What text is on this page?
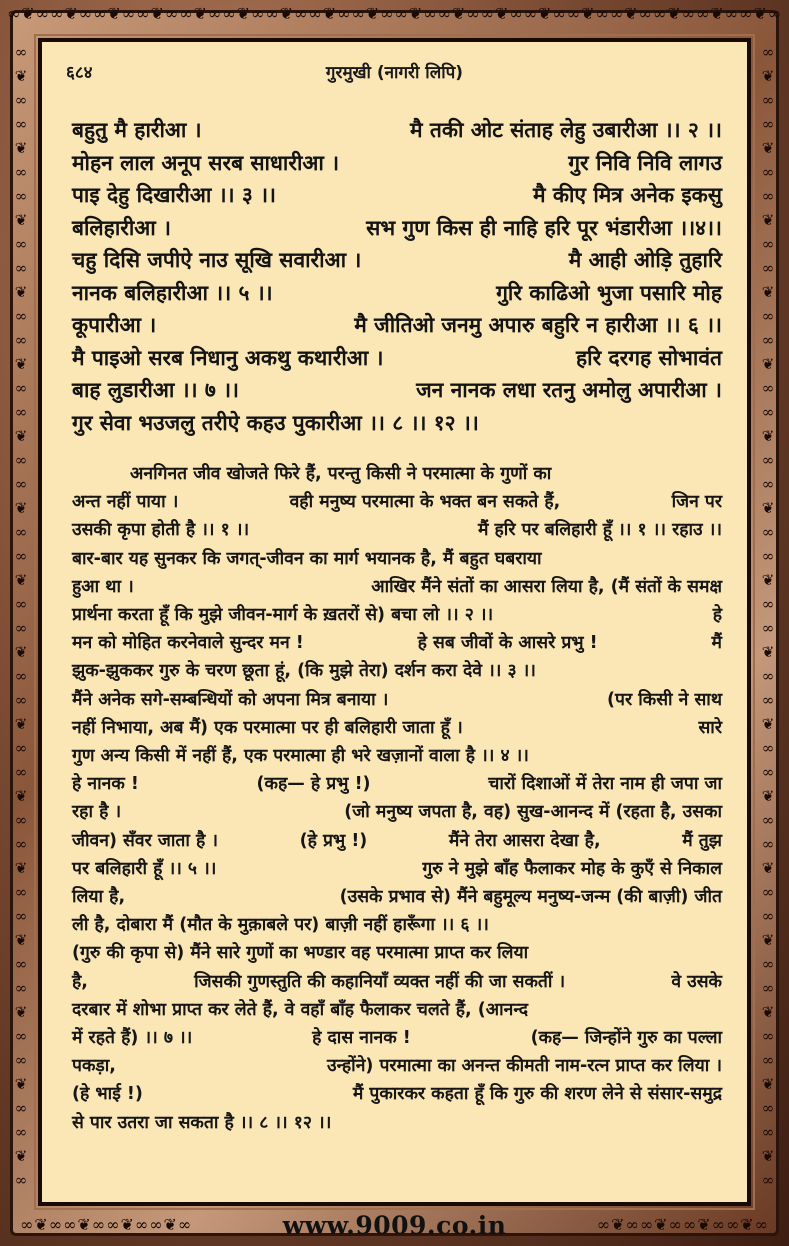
∞❦∞∞❦∞∞❦∞∞❦∞∞❦∞∞❦∞∞❦∞∞❦∞∞❦∞∞❦∞∞❦∞∞❦∞∞❦∞∞❦∞∞❦∞∞❦∞∞❦∞∞❦∞
∞
❦
∞
∞
❦
∞
∞
❦
∞
∞
❦
∞
∞
❦
∞
∞
❦
∞
∞
❦
∞
∞
❦
∞
∞
❦
∞
∞
❦
∞
∞
❦
∞
∞
❦
∞
∞
❦
∞
∞
❦
∞
∞
❦
∞
∞
❦
∞

∞
❦
∞
∞
❦
∞
∞
❦
∞
∞
❦
∞
∞
❦
∞
∞
❦
∞
∞
❦
∞
∞
❦
∞
∞
❦
∞
∞
❦
∞
∞
❦
∞
∞
❦
∞
∞
❦
∞
∞
❦
∞
∞
❦
∞
∞
❦
∞

∞❦∞∞❦∞∞❦∞∞❦∞	∞❦∞∞❦∞∞❦∞∞❦∞
www.9009.co.in
६८४	गुरमुखी (नागरी लिपि)
बहुतु मै हारीआ ।	मै तकी ओट संताह लेहु उबारीआ ।। २ ।।
मोहन लाल अनूप सरब साधारीआ ।	गुर निवि निवि लागउ
पाइ देहु दिखारीआ ।। ३ ।।	मै कीए मित्र अनेक इकसु
बलिहारीआ ।	सभ गुण किस ही नाहि हरि पूर भंडारीआ ।।४।।
चहु दिसि जपीऐ नाउ सूखि सवारीआ ।	मै आही ओड़ि तुहारि
नानक बलिहारीआ ।। ५ ।।	गुरि काढिओ भुजा पसारि मोह
कूपारीआ ।	मै जीतिओ जनमु अपारु बहुरि न हारीआ ।। ६ ।।
मै पाइओ सरब निधानु अकथु कथारीआ ।	हरि दरगह सोभावंत
बाह लुडारीआ ।। ७ ।।	जन नानक लधा रतनु अमोलु अपारीआ ।
गुर सेवा भउजलु तरीऐ कहउ पुकारीआ ।। ८ ।। १२ ।।
अनगिनत जीव खोजते फिरे हैं, परन्तु किसी ने परमात्मा के गुणों का
अन्त नहीं पाया ।	वही मनुष्य परमात्मा के भक्त बन सकते हैं,	जिन पर
उसकी कृपा होती है ।। १ ।।	मैं हरि पर बलिहारी हूँ ।। १ ।। रहाउ ।।
बार-बार यह सुनकर कि जगत्-जीवन का मार्ग भयानक है, मैं बहुत घबराया
हुआ था ।	आखिर मैंने संतों का आसरा लिया है, (मैं संतों के समक्ष
प्रार्थना करता हूँ कि मुझे जीवन-मार्ग के ख़तरों से) बचा लो ।। २ ।।	हे
मन को मोहित करनेवाले सुन्दर मन !	हे सब जीवों के आसरे प्रभु !	मैं
झुक-झुककर गुरु के चरण छूता हूं, (कि मुझे तेरा) दर्शन करा देवे ।। ३ ।।
मैंने अनेक सगे-सम्बन्धियों को अपना मित्र बनाया ।	(पर किसी ने साथ
नहीं निभाया, अब मैं) एक परमात्मा पर ही बलिहारी जाता हूँ ।	सारे
गुण अन्य किसी में नहीं हैं, एक परमात्मा ही भरे खज़ानों वाला है ।। ४ ।।
हे नानक !	(कह— हे प्रभु !)	चारों दिशाओं में तेरा नाम ही जपा जा
रहा है ।	(जो मनुष्य जपता है, वह) सुख-आनन्द में (रहता है, उसका
जीवन) सँवर जाता है ।	(हे प्रभु !)	मैंने तेरा आसरा देखा है,	मैं तुझ
पर बलिहारी हूँ ।। ५ ।।	गुरु ने मुझे बाँह फैलाकर मोह के कुएँ से निकाल
लिया है,	(उसके प्रभाव से) मैंने बहुमूल्य मनुष्य-जन्म (की बाज़ी) जीत
ली है, दोबारा मैं (मौत के मुक़ाबले पर) बाज़ी नहीं हारूँगा ।। ६ ।।
(गुरु की कृपा से) मैंने सारे गुणों का भण्डार वह परमात्मा प्राप्त कर लिया
है,	जिसकी गुणस्तुति की कहानियाँ व्यक्त नहीं की जा सकतीं ।	वे उसके
दरबार में शोभा प्राप्त कर लेते हैं, वे वहाँ बाँह फैलाकर चलते हैं, (आनन्द
में रहते हैं) ।। ७ ।।	हे दास नानक !	(कह— जिन्होंने गुरु का पल्ला
पकड़ा,	उन्होंने) परमात्मा का अनन्त कीमती नाम-रत्न प्राप्त कर लिया ।
(हे भाई !)	मैं पुकारकर कहता हूँ कि गुरु की शरण लेने से संसार-समुद्र
से पार उतरा जा सकता है ।। ८ ।। १२ ।।
